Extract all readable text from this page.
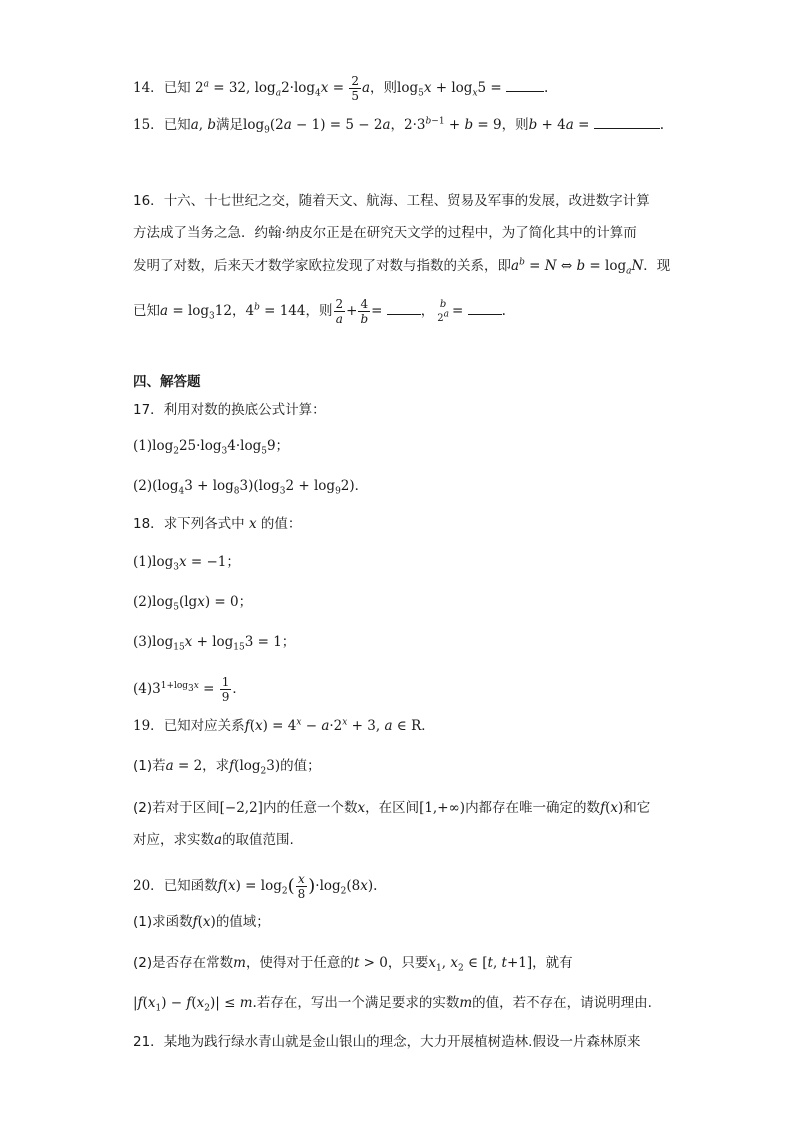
14．已知 $2^a = 32$, $\log_a2\cdot\log_4x = \frac{2}{5}$ a，则$\log_5x + \log_x5$ =	.
15．已知a, b满足$\log_9(2a - 1) = 5 - 2a$，$2\cdot 3^{b-1} + b = 9$，则b + 4a =	.
16．十六、十七世纪之交，随着天文、航海、工程、贸易及军事的发展，改进数字计算
方法成了当务之急．约翰·纳皮尔正是在研究天文学的过程中，为了简化其中的计算而
发明了对数，后来天才数学家欧拉发现了对数与指数的关系，即$a^b = N$ ⇔ $b = \log_aN$．现
已知$a = \log_312$，$4^b = 144$，则 $\frac{2}{a} + \frac{4}{b}$ =	， b
$2^a$ =	.
四、解答题
17．利用对数的换底公式计算：
$(1)\log_225\cdot\log_34\cdot\log_59$；
$(2)(\log_43 + \log_83)(\log_32 + \log_92)$．
18．求下列各式中 x 的值：
$(1)\log_3x = -1$；
$(2)\log_5(\lg x) = 0$；
$(3)\log_{15}x + \log_{15}3 = 1$；
$(4)3^{1+log_3x} = \frac{1}{9}$ ．
19．已知对应关系$f(x) = 4^x - a\cdot 2^x + 3$, a ∈ R．
(1)若a = 2，求$f(\log_23)$的值；
(2)若对于区间[−2,2]内的任意一个数x，在区间[1,+∞)内都存在唯一确定的数f(x)和它
对应，求实数a的取值范围.
20．已知函数$f(x) = \log_2( \frac{x}{8} )\cdot\log_2(8x)$.
(1)求函数f(x)的值域；
(2)是否存在常数m，使得对于任意的t > 0，只要$x_1$, $x_2$ ∈ [t, t+1]，就有
$|f(x_1) - f(x_2)| \le m$.若存在，写出一个满足要求的实数m的值，若不存在，请说明理由.
21．某地为践行绿水青山就是金山银山的理念，大力开展植树造林.假设一片森林原来
